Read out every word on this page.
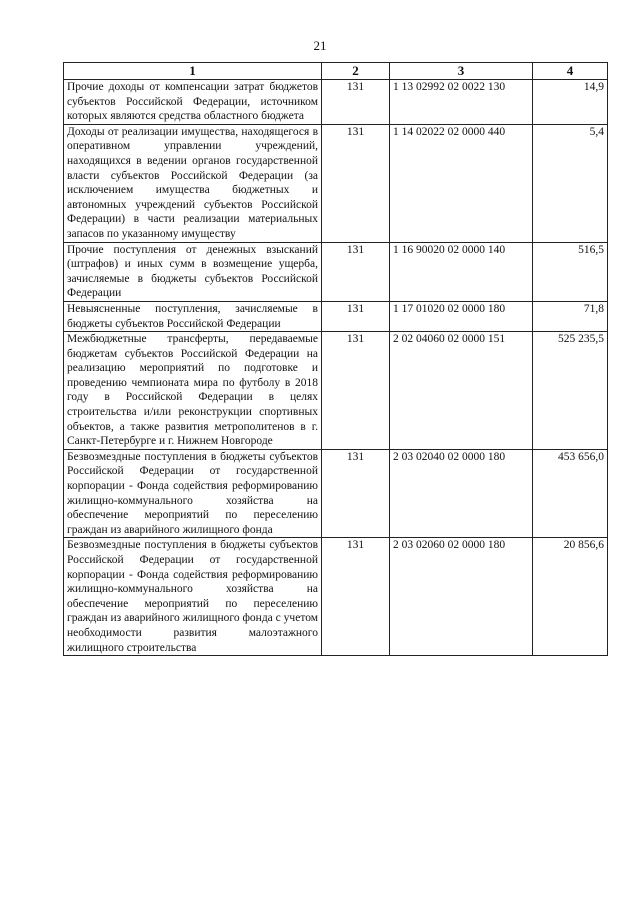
21
1	2	3	4
Прочие доходы от компенсации затрат бюджетов субъектов Российской Федерации, источником которых являются средства областного бюджета	131	1 13 02992 02 0022 130	14,9
Доходы от реализации имущества, находящегося в оперативном управлении учреждений, находящихся в ведении органов государственной власти субъектов Российской Федерации (за исключением имущества бюджетных и автономных учреждений субъектов Российской Федерации) в части реализации материальных запасов по указанному имуществу	131	1 14 02022 02 0000 440	5,4
Прочие поступления от денежных взысканий (штрафов) и иных сумм в возмещение ущерба, зачисляемые в бюджеты субъектов Российской Федерации	131	1 16 90020 02 0000 140	516,5
Невыясненные поступления, зачисляемые в бюджеты субъектов Российской Федерации	131	1 17 01020 02 0000 180	71,8
Межбюджетные трансферты, передаваемые бюджетам субъектов Российской Федерации на реализацию мероприятий по подготовке и проведению чемпионата мира по футболу в 2018 году в Российской Федерации в целях строительства и/или реконструкции спортивных объектов, а также развития метрополитенов в г. Санкт-Петербурге и г. Нижнем Новгороде	131	2 02 04060 02 0000 151	525 235,5
Безвозмездные поступления в бюджеты субъектов Российской Федерации от государственной корпорации - Фонда содействия реформированию жилищно-коммунального хозяйства на обеспечение мероприятий по переселению граждан из аварийного жилищного фонда	131	2 03 02040 02 0000 180	453 656,0
Безвозмездные поступления в бюджеты субъектов Российской Федерации от государственной корпорации - Фонда содействия реформированию жилищно-коммунального хозяйства на обеспечение мероприятий по переселению граждан из аварийного жилищного фонда с учетом необходимости развития малоэтажного жилищного строительства	131	2 03 02060 02 0000 180	20 856,6
